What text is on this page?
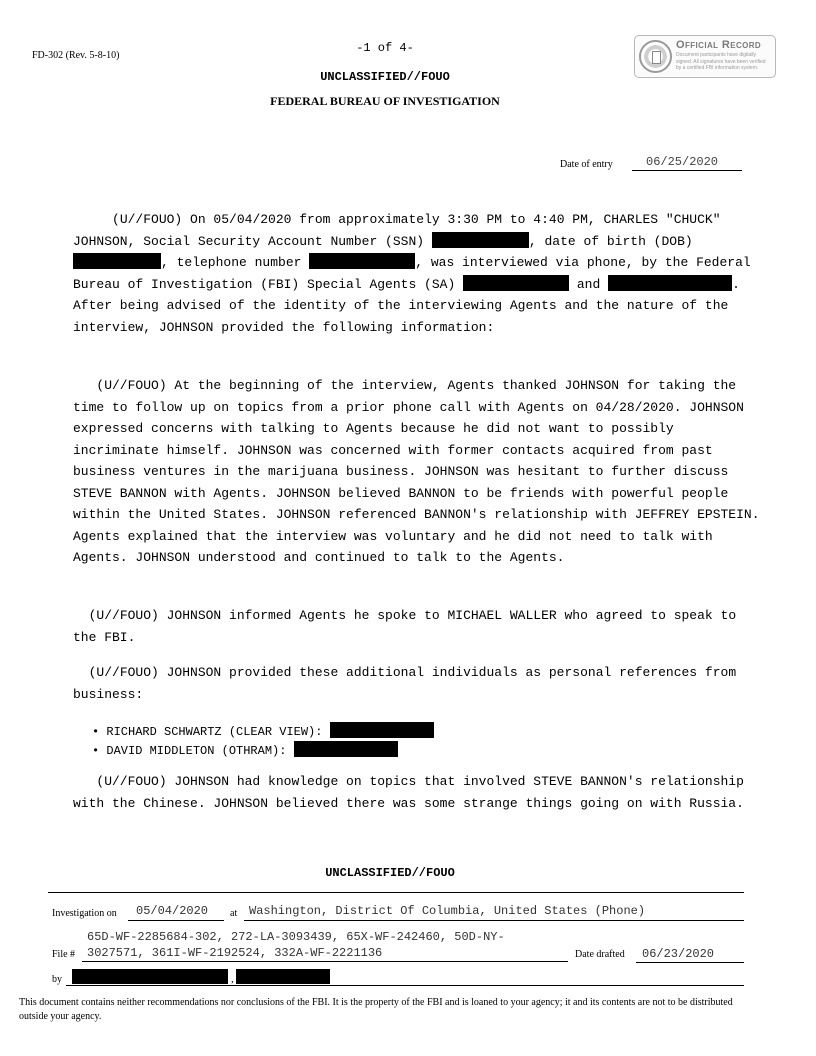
FD-302 (Rev. 5-8-10)
-1 of 4-
UNCLASSIFIED//FOUO
FEDERAL BUREAU OF INVESTIGATION
Official Record
Document participants have digitally signed. All signatures have been verified by a certified FBI information system.
Date of entry	06/25/2020
(U//FOUO) On 05/04/2020 from approximately 3:30 PM to 4:40 PM, CHARLES "CHUCK" JOHNSON, Social Security Account Number (SSN)	, date of birth (DOB) , telephone number	, was interviewed via phone, by the Federal Bureau of Investigation (FBI) Special Agents (SA)	and	. After being advised of the identity of the interviewing Agents and the nature of the interview, JOHNSON provided the following information:
(U//FOUO) At the beginning of the interview, Agents thanked JOHNSON for taking the time to follow up on topics from a prior phone call with Agents on 04/28/2020. JOHNSON expressed concerns with talking to Agents because he did not want to possibly incriminate himself. JOHNSON was concerned with former contacts acquired from past business ventures in the marijuana business. JOHNSON was hesitant to further discuss STEVE BANNON with Agents. JOHNSON believed BANNON to be friends with powerful people within the United States. JOHNSON referenced BANNON's relationship with JEFFREY EPSTEIN. Agents explained that the interview was voluntary and he did not need to talk with Agents. JOHNSON understood and continued to talk to the Agents.
(U//FOUO) JOHNSON informed Agents he spoke to MICHAEL WALLER who agreed to speak to the FBI.
(U//FOUO) JOHNSON provided these additional individuals as personal references from business:
• RICHARD SCHWARTZ (CLEAR VIEW):
• DAVID MIDDLETON (OTHRAM):
(U//FOUO) JOHNSON had knowledge on topics that involved STEVE BANNON's relationship with the Chinese. JOHNSON believed there was some strange things going on with Russia.
UNCLASSIFIED//FOUO
Investigation on 05/04/2020 at Washington, District Of Columbia, United States (Phone)
File #
65D-WF-2285684-302, 272-LA-3093439, 65X-WF-242460, 50D-NY-
3027571, 361I-WF-2192524, 332A-WF-2221136	Date drafted 06/23/2020
by	,
This document contains neither recommendations nor conclusions of the FBI. It is the property of the FBI and is loaned to your agency; it and its contents are not to be distributed outside your agency.
